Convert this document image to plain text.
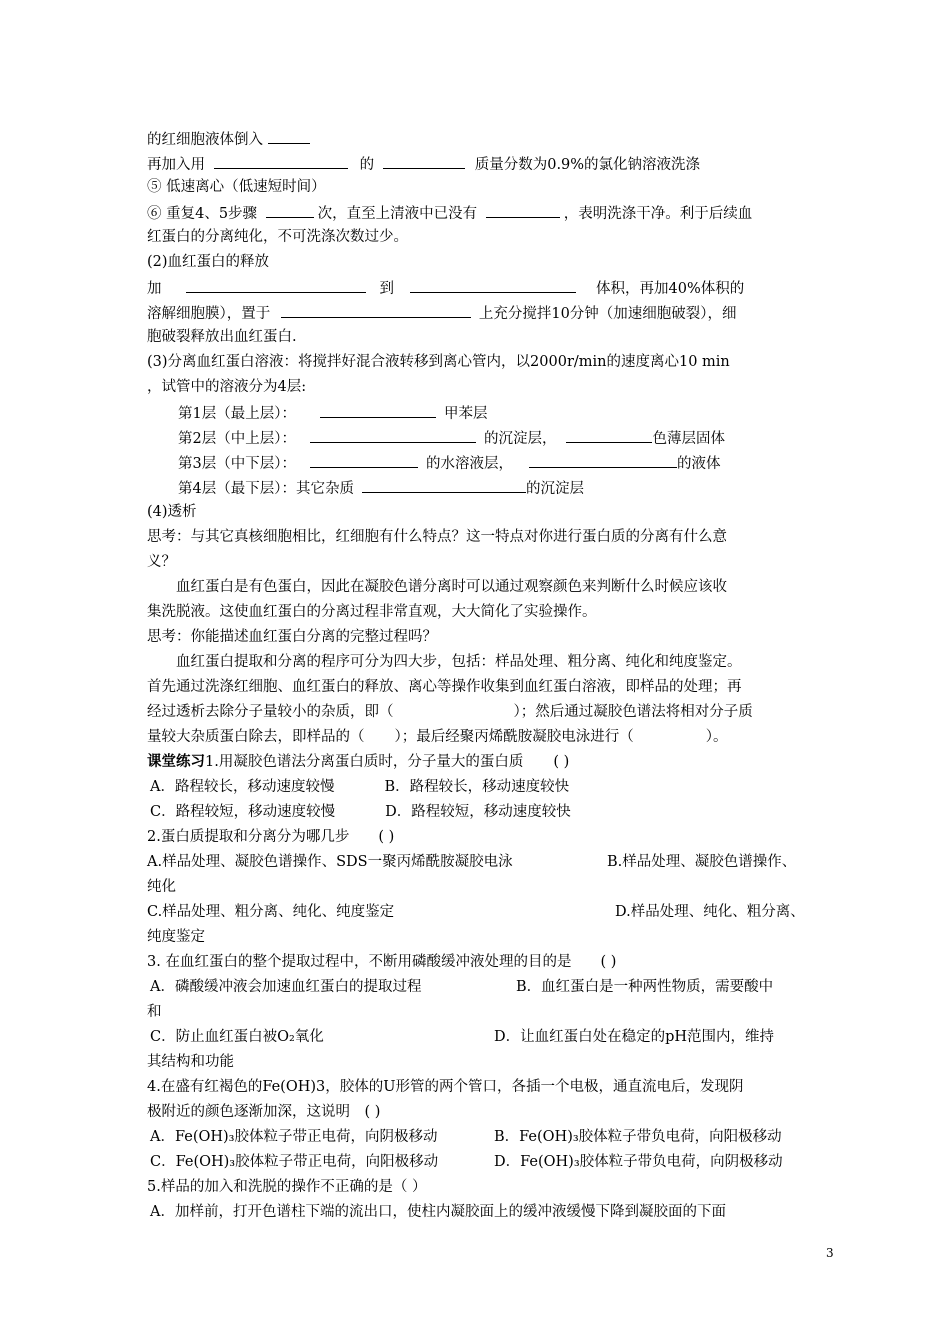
的红细胞液体倒入
再加入用	的	质量分数为0.9%的氯化钠溶液洗涤
⑤ 低速离心（低速短时间）
⑥ 重复4、5步骤	次，直至上清液中已没有	，表明洗涤干净。利于后续血
红蛋白的分离纯化，不可洗涤次数过少。
(2)血红蛋白的释放
加	到	体积，再加40%体积的
溶解细胞膜），置于	上充分搅拌10分钟（加速细胞破裂），细
胞破裂释放出血红蛋白.
(3)分离血红蛋白溶液：将搅拌好混合液转移到离心管内，以2000r/min的速度离心10 min
，试管中的溶液分为4层:
第1层（最上层）：	甲苯层
第2层（中上层）：	的沉淀层，	色薄层固体
第3层（中下层）：	的水溶液层，	的液体
第4层（最下层）：其它杂质	的沉淀层
(4)透析
思考：与其它真核细胞相比，红细胞有什么特点？这一特点对你进行蛋白质的分离有什么意
义？
血红蛋白是有色蛋白，因此在凝胶色谱分离时可以通过观察颜色来判断什么时候应该收
集洗脱液。这使血红蛋白的分离过程非常直观，大大简化了实验操作。
思考：你能描述血红蛋白分离的完整过程吗？
血红蛋白提取和分离的程序可分为四大步，包括：样品处理、粗分离、纯化和纯度鉴定。
首先通过洗涤红细胞、血红蛋白的释放、离心等操作收集到血红蛋白溶液，即样品的处理；再
经过透析去除分子量较小的杂质，即（	）；然后通过凝胶色谱法将相对分子质
量较大杂质蛋白除去，即样品的（ ）；最后经聚丙烯酰胺凝胶电泳进行（	）。
课堂练习1.用凝胶色谱法分离蛋白质时，分子量大的蛋白质 ( )
A．路程较长，移动速度较慢	B．路程较长，移动速度较快
C．路程较短，移动速度较慢	D．路程较短，移动速度较快
2.蛋白质提取和分离分为哪几步　　( )
A.样品处理、凝胶色谱操作、SDS一聚丙烯酰胺凝胶电泳	B.样品处理、凝胶色谱操作、
纯化
C.样品处理、粗分离、纯化、纯度鉴定	D.样品处理、纯化、粗分离、
纯度鉴定
3. 在血红蛋白的整个提取过程中，不断用磷酸缓冲液处理的目的是　　( )
A．磷酸缓冲液会加速血红蛋白的提取过程	B．血红蛋白是一种两性物质，需要酸中
和
C．防止血红蛋白被O₂氧化	D．让血红蛋白处在稳定的pH范围内，维持
其结构和功能
4.在盛有红褐色的Fe(OH)3，胶体的U形管的两个管口，各插一个电极，通直流电后，发现阴
极附近的颜色逐渐加深，这说明　( )
A．Fe(OH)₃胶体粒子带正电荷，向阴极移动	B．Fe(OH)₃胶体粒子带负电荷，向阳极移动
C．Fe(OH)₃胶体粒子带正电荷，向阳极移动	D．Fe(OH)₃胶体粒子带负电荷，向阴极移动
5.样品的加入和洗脱的操作不正确的是（ ）
A．加样前，打开色谱柱下端的流出口，使柱内凝胶面上的缓冲液缓慢下降到凝胶面的下面
3
